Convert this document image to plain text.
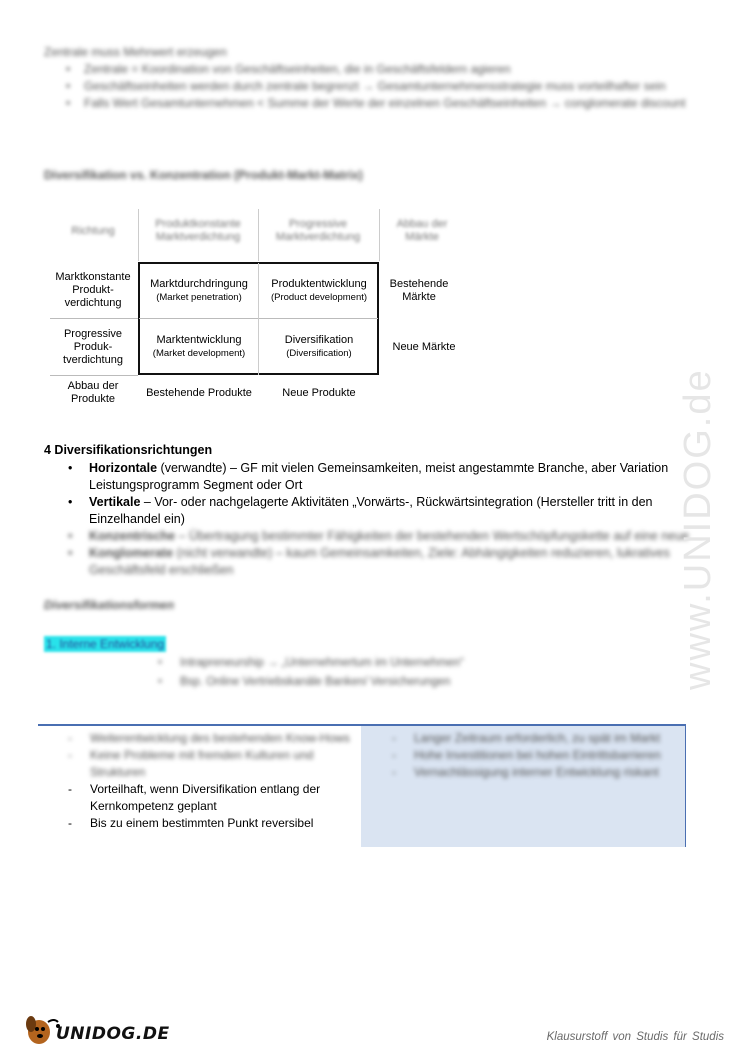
Zentrale muss Mehrwert erzeugen
• Zentrale = Koordination von Geschäftseinheiten, die in Geschäftsfeldern agieren
• Geschäftseinheiten werden durch zentrale begrenzt → Gesamtunternehmensstrategie muss vorteilhafter sein
• Falls Wert Gesamtunternehmen < Summe der Werte der einzelnen Geschäftseinheiten → conglomerate discount
Diversifikation vs. Konzentration (Produkt-Markt-Matrix)
Richtung
Produktkonstante Marktverdichtung
Progressive Marktverdichtung
Abbau der Märkte
Marktkonstante Produkt-verdichtung
Progressive Produk-tverdichtung
Abbau der Produkte
Marktdurchdringung
(Market penetration)
Produktentwicklung
(Product development)
Marktentwicklung
(Market development)
Diversifikation
(Diversification)
Bestehende Märkte
Neue Märkte
Bestehende Produkte	Neue Produkte
4 Diversifikationsrichtungen
• Horizontale (verwandte) – GF mit vielen Gemeinsamkeiten, meist angestammte Branche, aber Variation Leistungsprogramm Segment oder Ort
• Vertikale – Vor- oder nachgelagerte Aktivitäten „Vorwärts-, Rückwärtsintegration (Hersteller tritt in den Einzelhandel ein)
• Konzentrische – Übertragung bestimmter Fähigkeiten der bestehenden Wertschöpfungskette auf eine neue
• Konglomerate (nicht verwandte) – kaum Gemeinsamkeiten, Ziele: Abhängigkeiten reduzieren, lukratives Geschäftsfeld erschließen
Diversifikationsformen
1. Interne Entwicklung
• Intrapreneurship → „Unternehmertum im Unternehmen“
• Bsp. Online Vertriebskanäle Banken/ Versicherungen
- Weiterentwicklung des bestehenden Know-Hows
- Keine Probleme mit fremden Kulturen und Strukturen
- Vorteilhaft, wenn Diversifikation entlang der Kernkompetenz geplant
- Bis zu einem bestimmten Punkt reversibel
- Langer Zeitraum erforderlich, zu spät im Markt
- Hohe Investitionen bei hohen Eintrittsbarrieren
- Vernachlässigung interner Entwicklung riskant
www.UNIDOG.de
UNIDOG.DE	Klausurstoff von Studis für Studis
